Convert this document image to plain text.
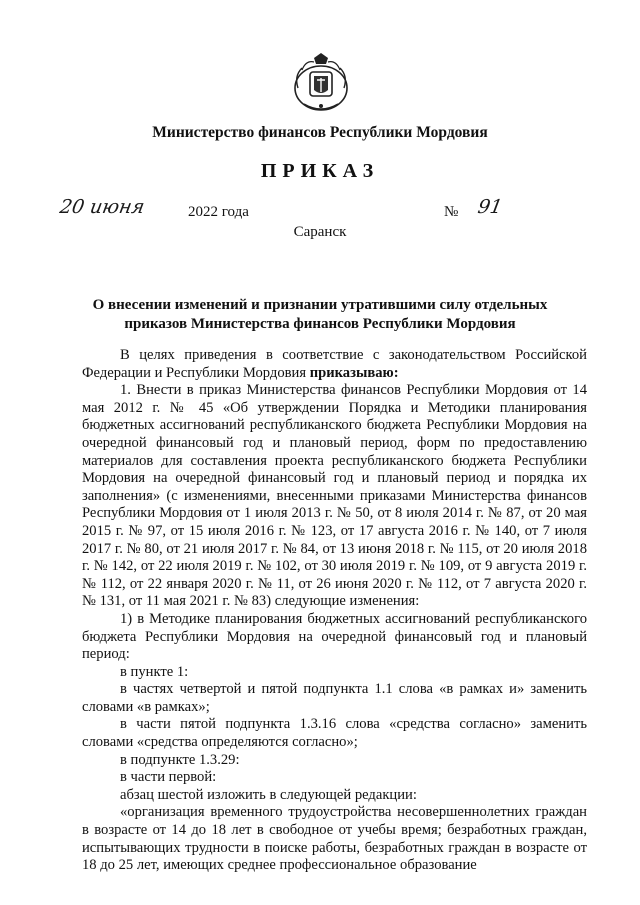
Министерство финансов Республики Мордовия
ПРИКАЗ
20 июня	2022 года	№ 91
Саранск
О внесении изменений и признании утратившими силу отдельных приказов Министерства финансов Республики Мордовия

В целях приведения в соответствие с законодательством Российской Федерации и Республики Мордовия приказываю:

1. Внести в приказ Министерства финансов Республики Мордовия от 14 мая 2012 г. № 45 «Об утверждении Порядка и Методики планирования бюджетных ассигнований республиканского бюджета Республики Мордовия на очередной финансовый год и плановый период, форм по предоставлению материалов для составления проекта республиканского бюджета Республики Мордовия на очередной финансовый год и плановый период и порядка их заполнения» (с изменениями, внесенными приказами Министерства финансов Республики Мордовия от 1 июля 2013 г. № 50, от 8 июля 2014 г. № 87, от 20 мая 2015 г. № 97, от 15 июля 2016 г. № 123, от 17 августа 2016 г. № 140, от 7 июля 2017 г. № 80, от 21 июля 2017 г. № 84, от 13 июня 2018 г. № 115, от 20 июля 2018 г. № 142, от 22 июля 2019 г. № 102, от 30 июля 2019 г. № 109, от 9 августа 2019 г. № 112, от 22 января 2020 г. № 11, от 26 июня 2020 г. № 112, от 7 августа 2020 г. № 131, от 11 мая 2021 г. № 83) следующие изменения:

1) в Методике планирования бюджетных ассигнований республиканского бюджета Республики Мордовия на очередной финансовый год и плановый период:

в пункте 1:

в частях четвертой и пятой подпункта 1.1 слова «в рамках и» заменить словами «в рамках»;

в части пятой подпункта 1.3.16 слова «средства согласно» заменить словами «средства определяются согласно»;

в подпункте 1.3.29:

в части первой:

абзац шестой изложить в следующей редакции:

«организация временного трудоустройства несовершеннолетних граждан в возрасте от 14 до 18 лет в свободное от учебы время; безработных граждан, испытывающих трудности в поиске работы, безработных граждан в возрасте от 18 до 25 лет, имеющих среднее профессиональное образование
